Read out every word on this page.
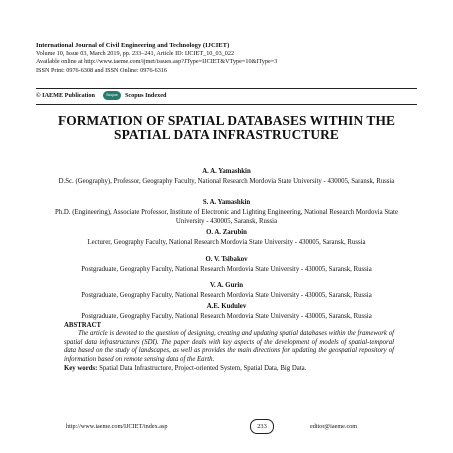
International Journal of Civil Engineering and Technology (IJCIET)
Volume 10, Issue 03, March 2019, pp. 233–241, Article ID: IJCIET_10_03_022
Available online at http://www.iaeme.com/ijmet/issues.asp?JType=IJCIET&VType=10&IType=3
ISSN Print: 0976-6308 and ISSN Online: 0976-6316
© IAEME Publication	Scopus	Scopus Indexed
FORMATION OF SPATIAL DATABASES WITHIN THE SPATIAL DATA INFRASTRUCTURE
A. A. Yamashkin
D.Sc. (Geography), Professor, Geography Faculty, National Research Mordovia State University - 430005, Saransk, Russia
S. A. Yamashkin
Ph.D. (Engineering), Associate Professor, Institute of Electronic and Lighting Engineering, National Research Mordovia State University - 430005, Saransk, Russia
O. A. Zarubin
Lecturer, Geography Faculty, National Research Mordovia State University - 430005, Saransk, Russia
O. V. Tsibakov
Postgraduate, Geography Faculty, National Research Mordovia State University - 430005, Saransk, Russia
V. A. Gurin
Postgraduate, Geography Faculty, National Research Mordovia State University - 430005, Saransk, Russia
A.E. Kudulev
Postgraduate, Geography Faculty, National Research Mordovia State University - 430005, Saransk, Russia
ABSTRACT
The article is devoted to the question of designing, creating and updating spatial databases within the framework of spatial data infrastructures (SDI). The paper deals with key aspects of the development of models of spatial-temporal data based on the study of landscapes, as well as provides the main directions for updating the geospatial repository of information based on remote sensing data of the Earth.
Key words: Spatial Data Infrastructure, Project-oriented System, Spatial Data, Big Data.
http://www.iaeme.com/IJCIET/index.asp	233	editor@iaeme.com
